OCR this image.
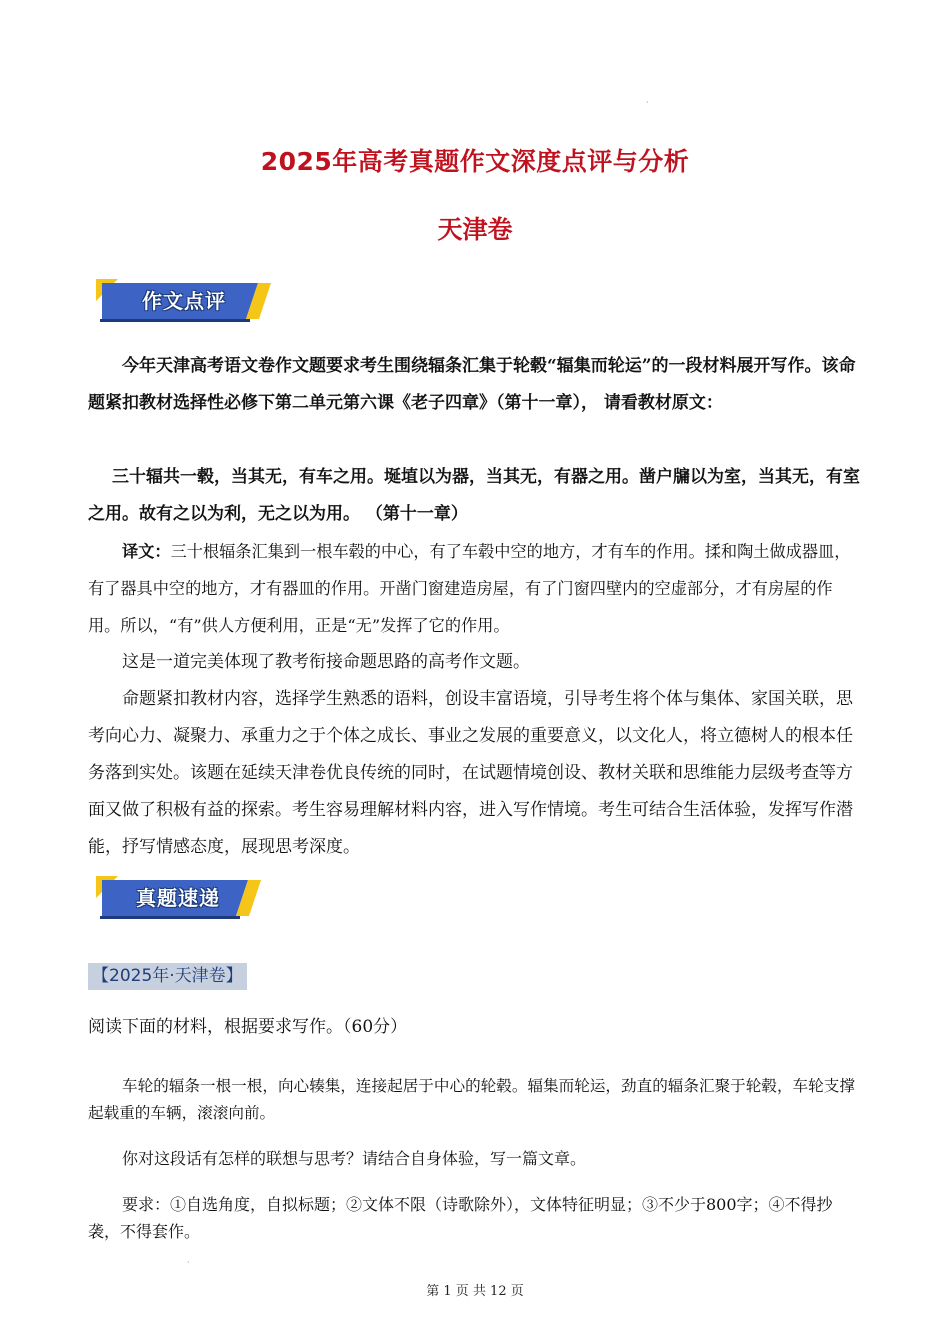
·
2025年高考真题作文深度点评与分析
天津卷
作文点评

今年天津高考语文卷作文题要求考生围绕辐条汇集于轮毂“辐集而轮运”的一段材料展开写作。该命题紧扣教材选择性必修下第二单元第六课《老子四章》（第十一章）， 请看教材原文：

三十辐共一毂，当其无，有车之用。埏埴以为器，当其无，有器之用。凿户牖以为室，当其无，有室之用。故有之以为利，无之以为用。 （第十一章）

译文：三十根辐条汇集到一根车毂的中心，有了车毂中空的地方，才有车的作用。揉和陶土做成器皿，有了器具中空的地方，才有器皿的作用。开凿门窗建造房屋，有了门窗四壁内的空虚部分，才有房屋的作用。所以，“有”供人方便利用，正是“无”发挥了它的作用。

这是一道完美体现了教考衔接命题思路的高考作文题。

命题紧扣教材内容，选择学生熟悉的语料，创设丰富语境，引导考生将个体与集体、家国关联，思考向心力、凝聚力、承重力之于个体之成长、事业之发展的重要意义，以文化人，将立德树人的根本任务落到实处。该题在延续天津卷优良传统的同时，在试题情境创设、教材关联和思维能力层级考查等方面又做了积极有益的探索。考生容易理解材料内容，进入写作情境。考生可结合生活体验，发挥写作潜能，抒写情感态度，展现思考深度。

真题速递
【2025年·天津卷】
阅读下面的材料，根据要求写作。（60分）

车轮的辐条一根一根，向心辏集，连接起居于中心的轮毂。辐集而轮运，劲直的辐条汇聚于轮毂，车轮支撑起载重的车辆，滚滚向前。

你对这段话有怎样的联想与思考？请结合自身体验，写一篇文章。

要求：①自选角度，自拟标题；②文体不限（诗歌除外），文体特征明显；③不少于800字；④不得抄袭，不得套作。

·
第 1 页 共 12 页
